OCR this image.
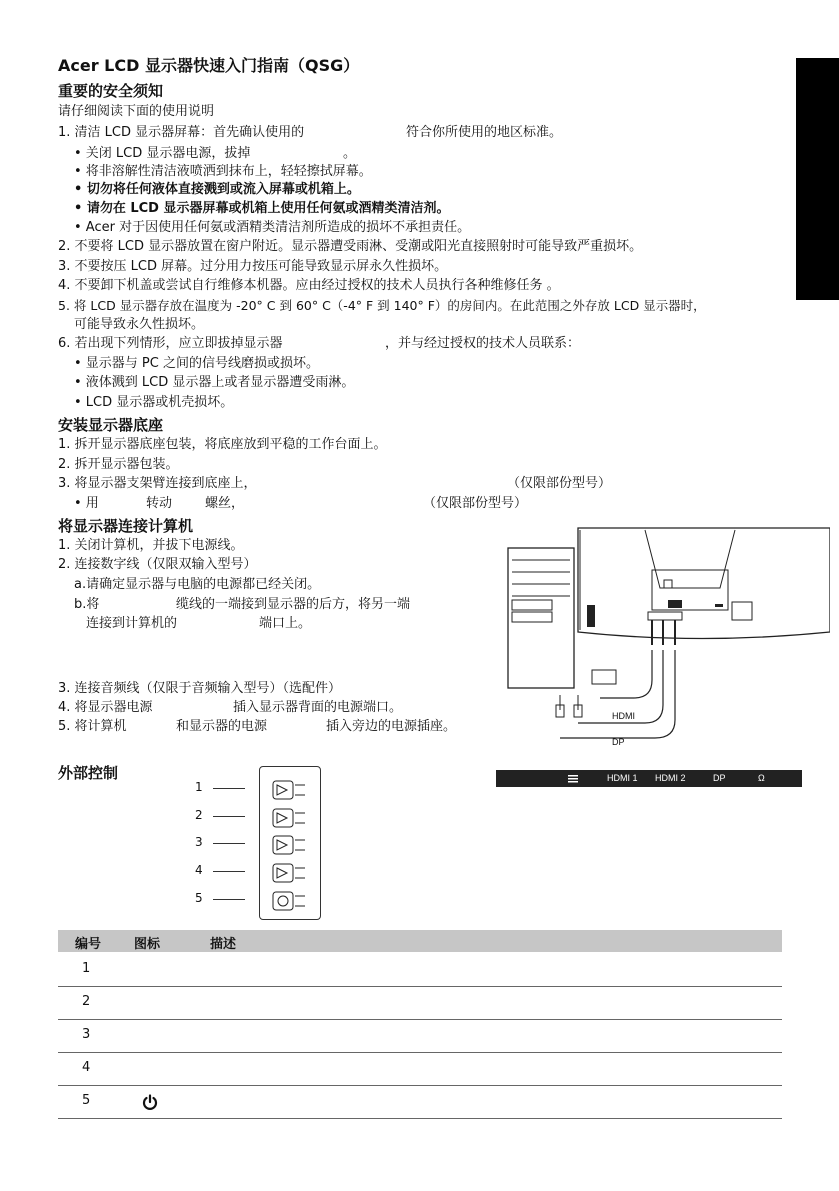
Acer LCD 显示器快速入门指南（QSG）
重要的安全须知
请仔细阅读下面的使用说明
1. 清洁 LCD 显示器屏幕：首先确认使用的	符合你所使用的地区标准。
• 关闭 LCD 显示器电源，拔掉	。
• 将非溶解性清洁液喷洒到抹布上，轻轻擦拭屏幕。
• 切勿将任何液体直接溅到或流入屏幕或机箱上。
• 请勿在 LCD 显示器屏幕或机箱上使用任何氨或酒精类清洁剂。
• Acer 对于因使用任何氨或酒精类清洁剂所造成的损坏不承担责任。
2. 不要将 LCD 显示器放置在窗户附近。显示器遭受雨淋、受潮或阳光直接照射时可能导致严重损坏。
3. 不要按压 LCD 屏幕。过分用力按压可能导致显示屏永久性损坏。
4. 不要卸下机盖或尝试自行维修本机器。应由经过授权的技术人员执行各种维修任务 。
5. 将 LCD 显示器存放在温度为 -20° C 到 60° C（-4° F 到 140° F）的房间内。在此范围之外存放 LCD 显示器时，
可能导致永久性损坏。
6. 若出现下列情形，应立即拔掉显示器	，并与经过授权的技术人员联系：
• 显示器与 PC 之间的信号线磨损或损坏。
• 液体溅到 LCD 显示器上或者显示器遭受雨淋。
• LCD 显示器或机壳损坏。
安装显示器底座
1. 拆开显示器底座包装，将底座放到平稳的工作台面上。
2. 拆开显示器包装。
3. 将显示器支架臂连接到底座上，	（仅限部份型号）
• 用	转动	螺丝，	（仅限部份型号）
将显示器连接计算机
1. 关闭计算机，并拔下电源线。
2. 连接数字线（仅限双输入型号）
a.请确定显示器与电脑的电源都已经关闭。
b.将	缆线的一端接到显示器的后方，将另一端
连接到计算机的	端口上。
3. 连接音频线（仅限于音频输入型号）（选配件）
4. 将显示器电源	插入显示器背面的电源端口。
5. 将计算机	和显示器的电源	插入旁边的电源插座。
HDMI
DP
外部控制
1
2
3
4
5
HDMI 1 HDMI 2	DP	Ω
编号	图标	描述
1
2
3
4
5
